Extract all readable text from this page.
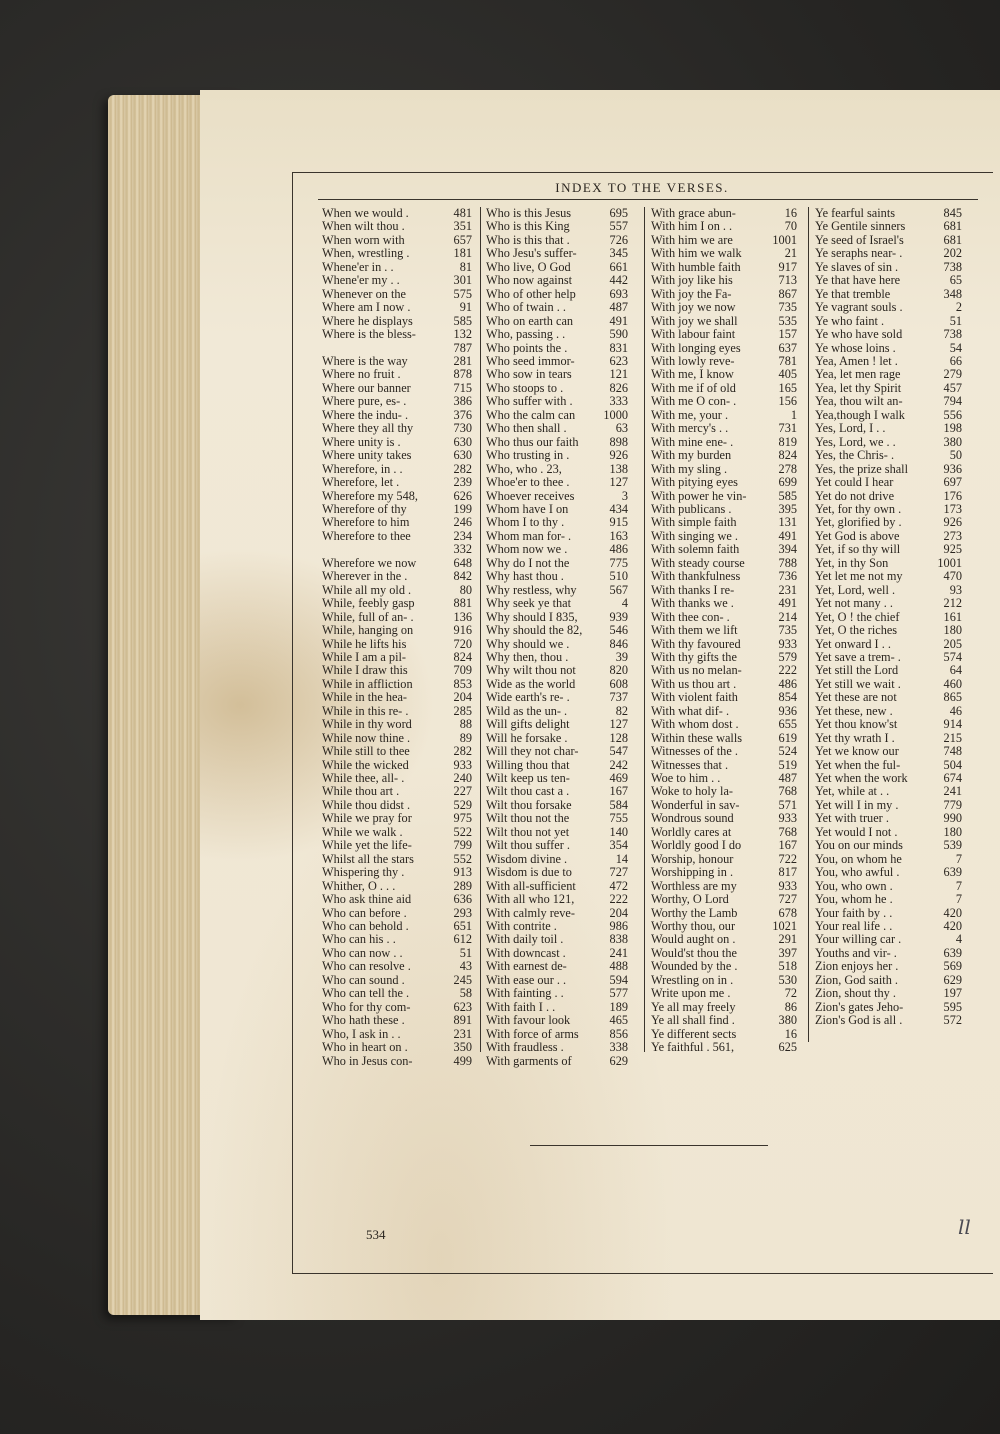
INDEX TO THE VERSES.
When we would .	481
When wilt thou .	351
When worn with	657
When, wrestling .	181
Whene'er in . .	81
Whene'er my . .	301
Whenever on the	575
Where am I now .	91
Where he displays	585
Where is the bless-	132
787
Where is the way	281
Where no fruit .	878
Where our banner	715
Where pure, es- .	386
Where the indu- .	376
Where they all thy	730
Where unity is .	630
Where unity takes	630
Wherefore, in . .	282
Wherefore, let .	239
Wherefore my 548,	626
Wherefore of thy	199
Wherefore to him	246
Wherefore to thee	234
332
Wherefore we now	648
Wherever in the .	842
While all my old .	80
While, feebly gasp	881
While, full of an- .	136
While, hanging on	916
While he lifts his	720
While I am a pil-	824
While I draw this	709
While in affliction	853
While in the hea-	204
While in this re- .	285
While in thy word	88
While now thine .	89
While still to thee	282
While the wicked	933
While thee, all- .	240
While thou art .	227
While thou didst .	529
While we pray for	975
While we walk .	522
While yet the life-	799
Whilst all the stars	552
Whispering thy .	913
Whither, O . . .	289
Who ask thine aid	636
Who can before .	293
Who can behold .	651
Who can his . .	612
Who can now . .	51
Who can resolve .	43
Who can sound .	245
Who can tell the .	58
Who for thy com-	623
Who hath these .	891
Who, I ask in . .	231
Who in heart on .	350
Who in Jesus con-	499
Who is this Jesus	695
Who is this King	557
Who is this that .	726
Who Jesu's suffer-	345
Who live, O God	661
Who now against	442
Who of other help	693
Who of twain . .	487
Who on earth can	491
Who, passing . .	590
Who points the .	831
Who seed immor-	623
Who sow in tears	121
Who stoops to .	826
Who suffer with .	333
Who the calm can 1000
Who then shall .	63
Who thus our faith	898
Who trusting in .	926
Who, who . 23,	138
Whoe'er to thee .	127
Whoever receives	3
Whom have I on	434
Whom I to thy .	915
Whom man for- .	163
Whom now we .	486
Why do I not the	775
Why hast thou .	510
Why restless, why	567
Why seek ye that	4
Why should I 835,	939
Why should the 82, 546
Why should we .	846
Why then, thou .	39
Why wilt thou not	820
Wide as the world	608
Wide earth's re- .	737
Wild as the un- .	82
Will gifts delight	127
Will he forsake .	128
Will they not char-	547
Willing thou that	242
Wilt keep us ten-	469
Wilt thou cast a .	167
Wilt thou forsake	584
Wilt thou not the	755
Wilt thou not yet	140
Wilt thou suffer .	354
Wisdom divine .	14
Wisdom is due to	727
With all-sufficient	472
With all who 121,	222
With calmly reve-	204
With contrite .	986
With daily toil .	838
With downcast .	241
With earnest de-	488
With ease our . .	594
With fainting . .	577
With faith I . .	189
With favour look	465
With force of arms	856
With fraudless .	338
With garments of	629
With grace abun-	16
With him I on . .	70
With him we are	1001
With him we walk	21
With humble faith	917
With joy like his	713
With joy the Fa-	867
With joy we now	735
With joy we shall	535
With labour faint	157
With longing eyes	637
With lowly reve-	781
With me, I know	405
With me if of old	165
With me O con- .	156
With me, your .	1
With mercy's . .	731
With mine ene- .	819
With my burden	824
With my sling .	278
With pitying eyes	699
With power he vin-	585
With publicans .	395
With simple faith	131
With singing we .	491
With solemn faith	394
With steady course	788
With thankfulness	736
With thanks I re-	231
With thanks we .	491
With thee con- .	214
With them we lift	735
With thy favoured	933
With thy gifts the	579
With us no melan-	222
With us thou art .	486
With violent faith	854
With what dif- .	936
With whom dost .	655
Within these walls	619
Witnesses of the .	524
Witnesses that .	519
Woe to him . .	487
Woke to holy la-	768
Wonderful in sav-	571
Wondrous sound	933
Worldly cares at	768
Worldly good I do	167
Worship, honour	722
Worshipping in .	817
Worthless are my	933
Worthy, O Lord	727
Worthy the Lamb	678
Worthy thou, our	1021
Would aught on .	291
Would'st thou the	397
Wounded by the .	518
Wrestling on in .	530
Write upon me .	72
Ye all may freely	86
Ye all shall find .	380
Ye different sects	16
Ye faithful . 561,	625
Ye fearful saints	845
Ye Gentile sinners	681
Ye seed of Israel's	681
Ye seraphs near- .	202
Ye slaves of sin .	738
Ye that have here	65
Ye that tremble	348
Ye vagrant souls .	2
Ye who faint .	51
Ye who have sold	738
Ye whose loins .	54
Yea, Amen ! let .	66
Yea, let men rage	279
Yea, let thy Spirit	457
Yea, thou wilt an-	794
Yea,though I walk	556
Yes, Lord, I . .	198
Yes, Lord, we . .	380
Yes, the Chris- .	50
Yes, the prize shall	936
Yet could I hear	697
Yet do not drive	176
Yet, for thy own .	173
Yet, glorified by .	926
Yet God is above	273
Yet, if so thy will	925
Yet, in thy Son	1001
Yet let me not my	470
Yet, Lord, well .	93
Yet not many . .	212
Yet, O ! the chief	161
Yet, O the riches	180
Yet onward I . .	205
Yet save a trem- .	574
Yet still the Lord	64
Yet still we wait .	460
Yet these are not	865
Yet these, new .	46
Yet thou know'st	914
Yet thy wrath I .	215
Yet we know our	748
Yet when the ful-	504
Yet when the work	674
Yet, while at . .	241
Yet will I in my .	779
Yet with truer .	990
Yet would I not .	180
You on our minds	539
You, on whom he	7
You, who awful .	639
You, who own .	7
You, whom he .	7
Your faith by . .	420
Your real life . .	420
Your willing car .	4
Youths and vir- .	639
Zion enjoys her .	569
Zion, God saith .	629
Zion, shout thy .	197
Zion's gates Jeho-	595
Zion's God is all .	572
534	ll
